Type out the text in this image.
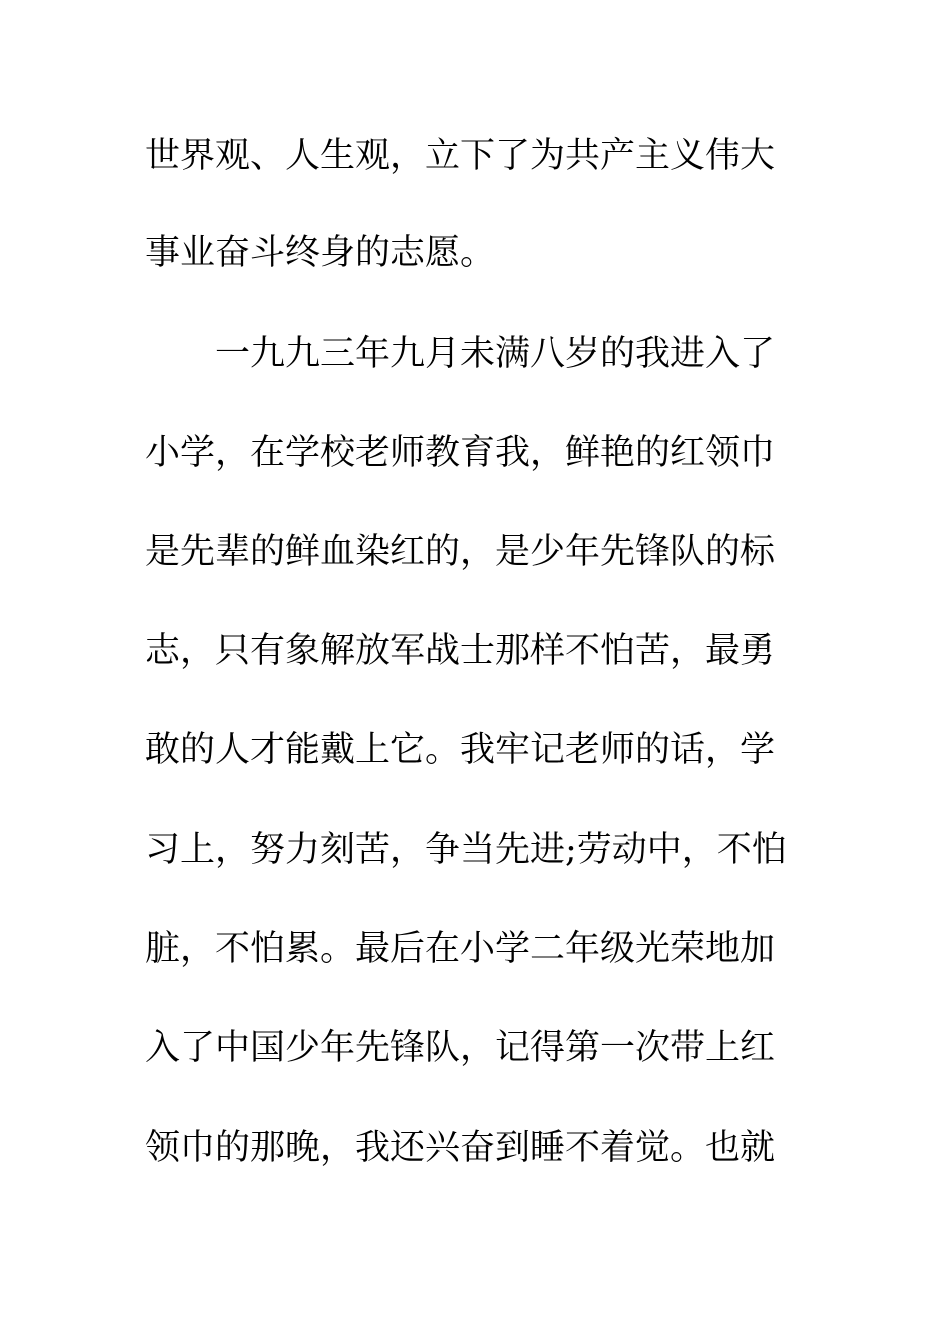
世界观、人生观，立下了为共产主义伟大
事业奋斗终身的志愿。
一九九三年九月未满八岁的我进入了
小学，在学校老师教育我，鲜艳的红领巾
是先辈的鲜血染红的，是少年先锋队的标
志，只有象解放军战士那样不怕苦，最勇
敢的人才能戴上它。我牢记老师的话，学
习上，努力刻苦，争当先进;劳动中，不怕
脏，不怕累。最后在小学二年级光荣地加
入了中国少年先锋队，记得第一次带上红
领巾的那晚，我还兴奋到睡不着觉。也就
